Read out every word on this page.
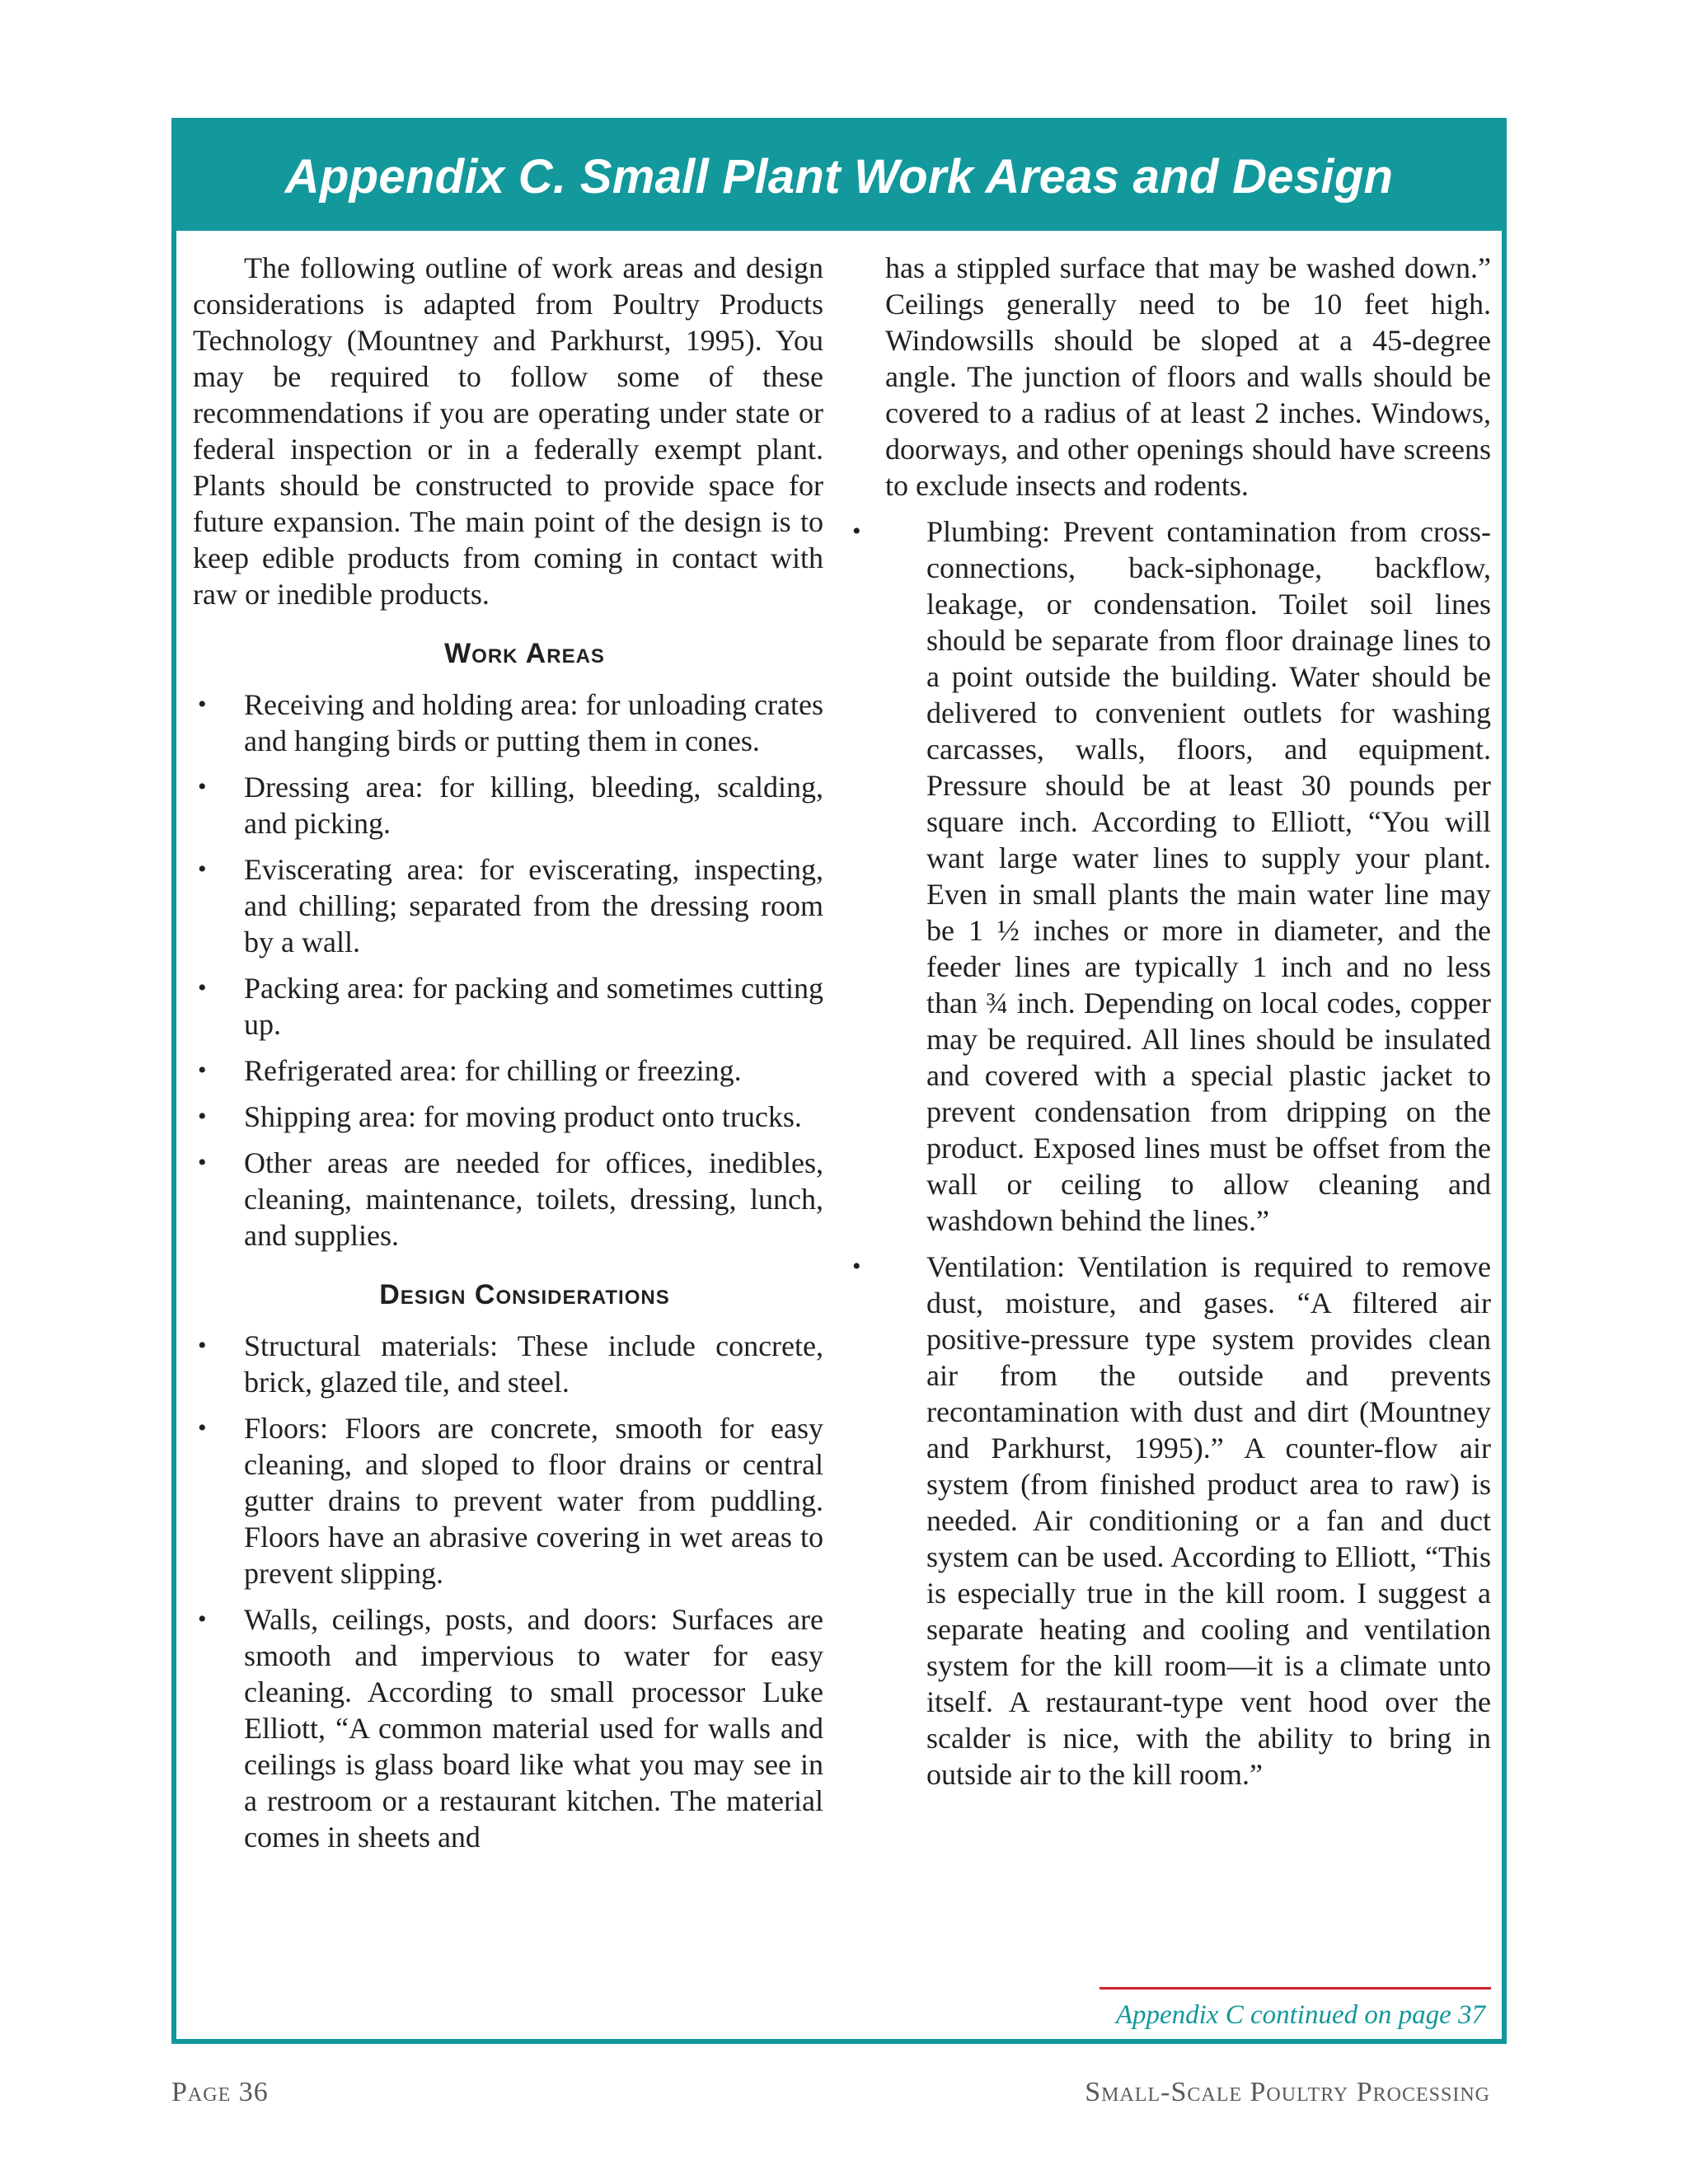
Appendix C. Small Plant Work Areas and Design

The following outline of work areas and design considerations is adapted from Poultry Products Technology (Mountney and Parkhurst, 1995). You may be required to follow some of these recommendations if you are operating under state or federal inspection or in a federally exempt plant. Plants should be constructed to provide space for future expansion. The main point of the design is to keep edible products from coming in contact with raw or inedible products.

Work Areas
• Receiving and holding area: for unloading crates and hanging birds or putting them in cones.
• Dressing area: for killing, bleeding, scalding, and picking.
• Eviscerating area: for eviscerating, inspecting, and chilling; separated from the dressing room by a wall.
• Packing area: for packing and sometimes cutting up.
• Refrigerated area: for chilling or freezing.
• Shipping area: for moving product onto trucks.
• Other areas are needed for offices, inedibles, cleaning, maintenance, toilets, dressing, lunch, and supplies.
Design Considerations
• Structural materials: These include concrete, brick, glazed tile, and steel.
• Floors: Floors are concrete, smooth for easy cleaning, and sloped to floor drains or central gutter drains to prevent water from puddling. Floors have an abrasive covering in wet areas to prevent slipping.
• Walls, ceilings, posts, and doors: Surfaces are smooth and impervious to water for easy cleaning. According to small processor Luke Elliott, “A common material used for walls and ceilings is glass board like what you may see in a restroom or a restaurant kitchen. The material comes in sheets and

has a stippled surface that may be washed down.” Ceilings generally need to be 10 feet high. Windowsills should be sloped at a 45-degree angle. The junction of floors and walls should be covered to a radius of at least 2 inches. Windows, doorways, and other openings should have screens to exclude insects and rodents.

• Plumbing: Prevent contamination from cross-connections, back-siphonage, backflow, leakage, or condensation. Toilet soil lines should be separate from floor drainage lines to a point outside the building. Water should be delivered to convenient outlets for washing carcasses, walls, floors, and equipment. Pressure should be at least 30 pounds per square inch. According to Elliott, “You will want large water lines to supply your plant. Even in small plants the main water line may be 1 ½ inches or more in diameter, and the feeder lines are typically 1 inch and no less than ¾ inch. Depending on local codes, copper may be required. All lines should be insulated and covered with a special plastic jacket to prevent condensation from dripping on the product. Exposed lines must be offset from the wall or ceiling to allow cleaning and washdown behind the lines.”
• Ventilation: Ventilation is required to remove dust, moisture, and gases. “A filtered air positive-pressure type system provides clean air from the outside and prevents recontamination with dust and dirt (Mountney and Parkhurst, 1995).” A counter-flow air system (from finished product area to raw) is needed. Air conditioning or a fan and duct system can be used. According to Elliott, “This is especially true in the kill room. I suggest a separate heating and cooling and ventilation system for the kill room—it is a climate unto itself. A restaurant-type vent hood over the scalder is nice, with the ability to bring in outside air to the kill room.”
Appendix C continued on page 37
Page 36	Small-Scale Poultry Processing
